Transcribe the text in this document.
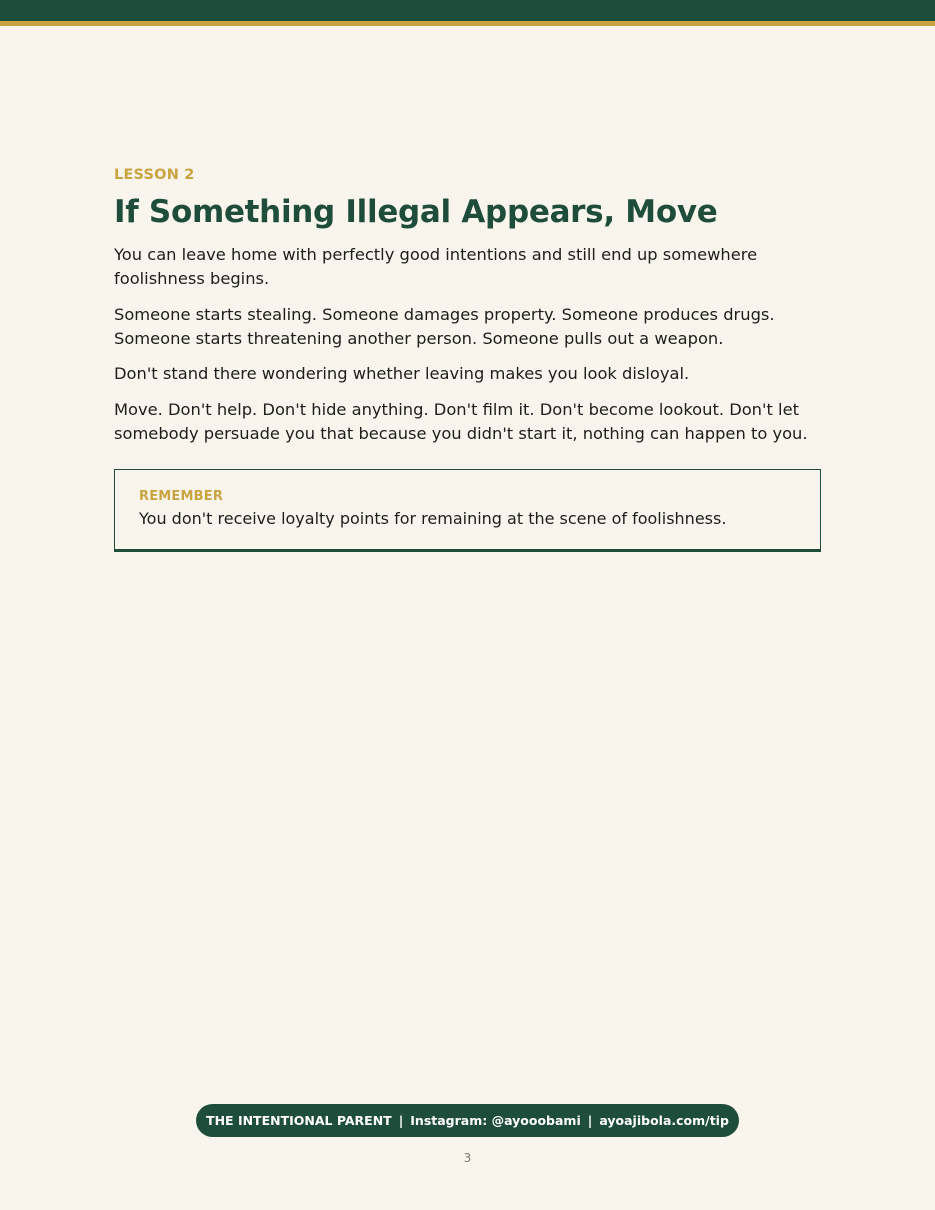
LESSON 2

If Something Illegal Appears, Move

You can leave home with perfectly good intentions and still end up somewhere foolishness begins.

Someone starts stealing. Someone damages property. Someone produces drugs. Someone starts threatening another person. Someone pulls out a weapon.

Don't stand there wondering whether leaving makes you look disloyal.

Move. Don't help. Don't hide anything. Don't film it. Don't become lookout. Don't let somebody persuade you that because you didn't start it, nothing can happen to you.

REMEMBER
You don't receive loyalty points for remaining at the scene of foolishness.
THE INTENTIONAL PARENT | Instagram: @ayooobami | ayoajibola.com/tip
3
